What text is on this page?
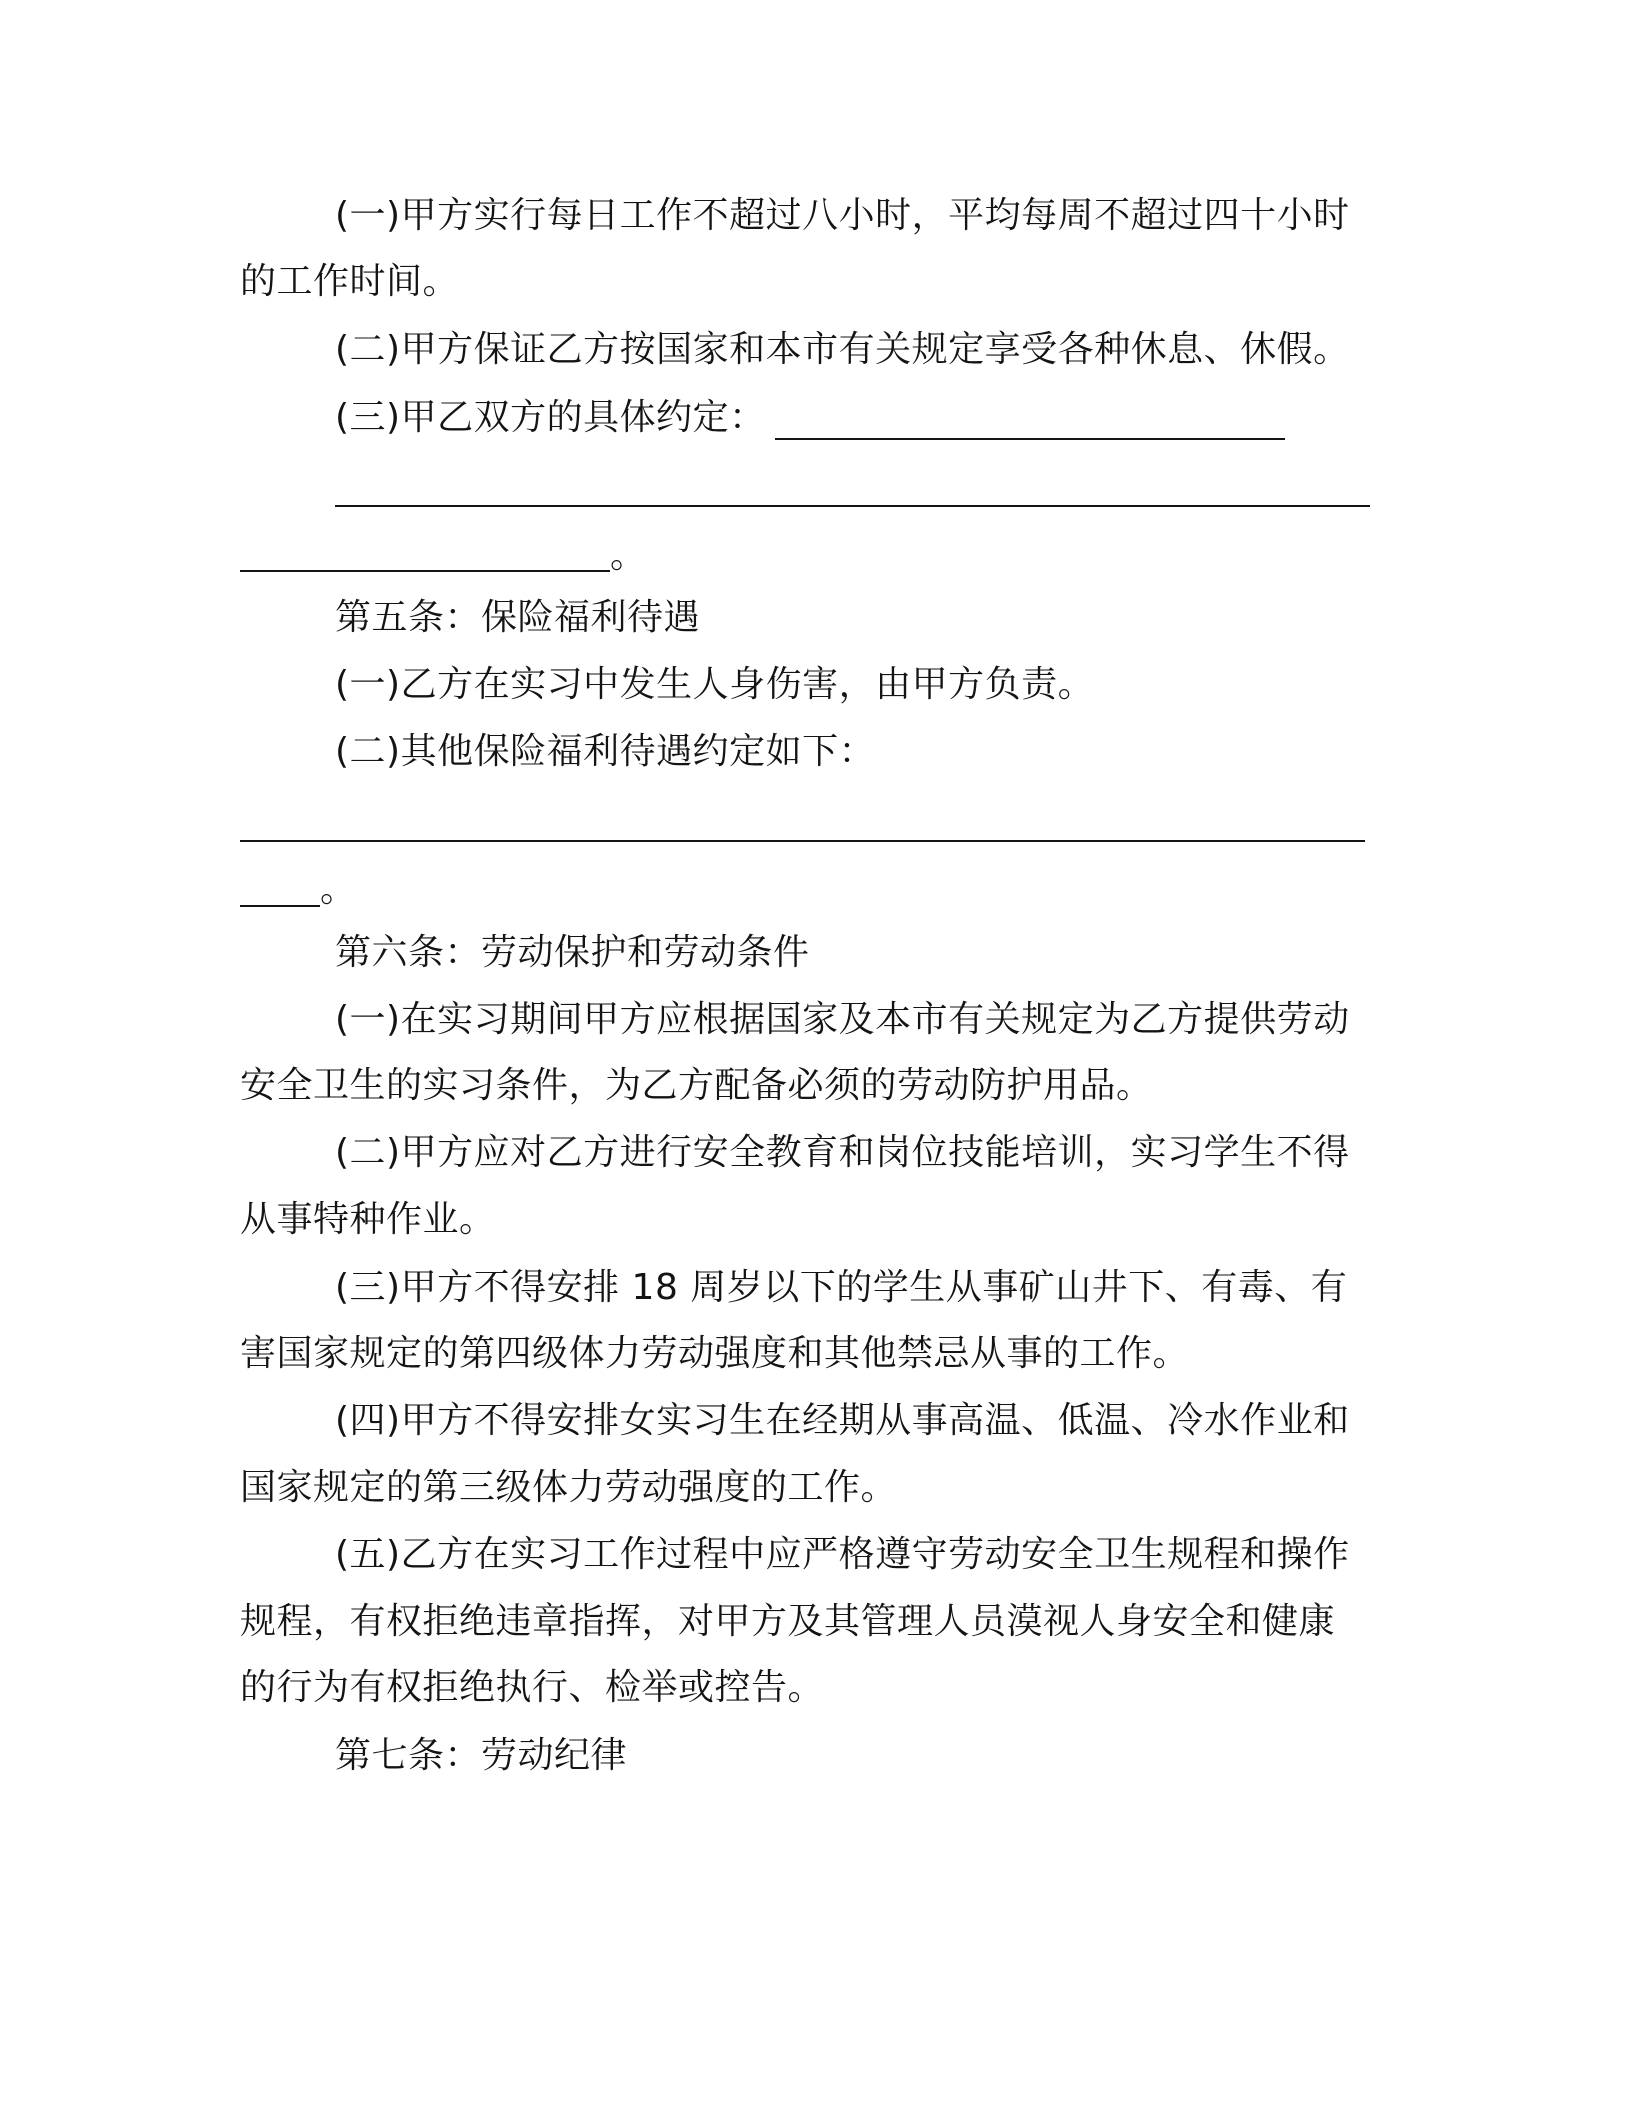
(一)甲方实行每日工作不超过八小时，平均每周不超过四十小时
的工作时间。
(二)甲方保证乙方按国家和本市有关规定享受各种休息、休假。
(三)甲乙双方的具体约定：
。
第五条：保险福利待遇
(一)乙方在实习中发生人身伤害，由甲方负责。
(二)其他保险福利待遇约定如下：
。
第六条：劳动保护和劳动条件
(一)在实习期间甲方应根据国家及本市有关规定为乙方提供劳动
安全卫生的实习条件，为乙方配备必须的劳动防护用品。
(二)甲方应对乙方进行安全教育和岗位技能培训，实习学生不得
从事特种作业。
(三)甲方不得安排 18 周岁以下的学生从事矿山井下、有毒、有
害国家规定的第四级体力劳动强度和其他禁忌从事的工作。
(四)甲方不得安排女实习生在经期从事高温、低温、冷水作业和
国家规定的第三级体力劳动强度的工作。
(五)乙方在实习工作过程中应严格遵守劳动安全卫生规程和操作
规程，有权拒绝违章指挥，对甲方及其管理人员漠视人身安全和健康
的行为有权拒绝执行、检举或控告。
第七条：劳动纪律
